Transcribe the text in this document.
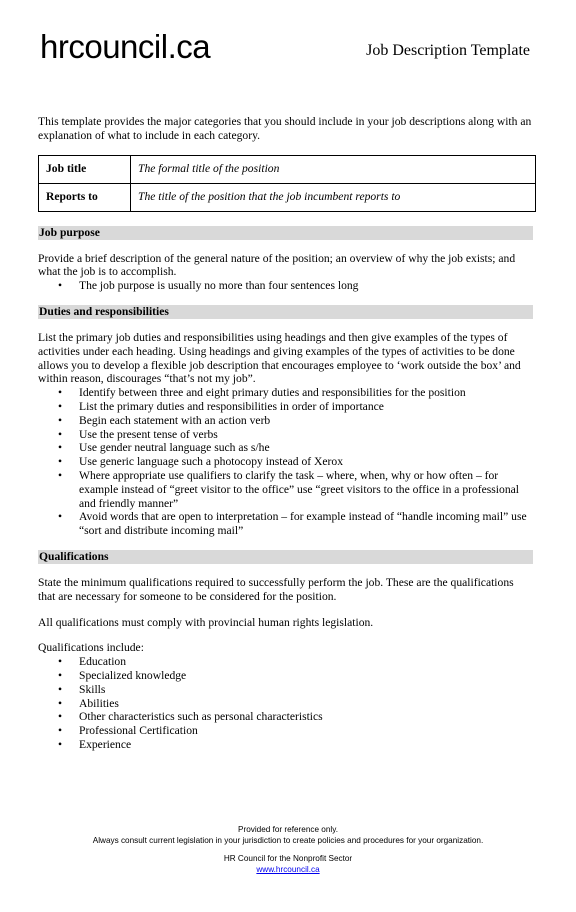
hrcouncil.ca	Job Description Template

This template provides the major categories that you should include in your job descriptions along with an explanation of what to include in each category.

Job title	The formal title of the position
Reports to	The title of the position that the job incumbent reports to
Job purpose

Provide a brief description of the general nature of the position; an overview of why the job exists; and what the job is to accomplish.

• The job purpose is usually no more than four sentences long
Duties and responsibilities

List the primary job duties and responsibilities using headings and then give examples of the types of activities under each heading. Using headings and giving examples of the types of activities to be done allows you to develop a flexible job description that encourages employee to ‘work outside the box’ and within reason, discourages “that’s not my job”.

• Identify between three and eight primary duties and responsibilities for the position
• List the primary duties and responsibilities in order of importance
• Begin each statement with an action verb
• Use the present tense of verbs
• Use gender neutral language such as s/he
• Use generic language such a photocopy instead of Xerox
• Where appropriate use qualifiers to clarify the task – where, when, why or how often – for example instead of “greet visitor to the office” use “greet visitors to the office in a professional and friendly manner”
• Avoid words that are open to interpretation – for example instead of “handle incoming mail” use “sort and distribute incoming mail”
Qualifications

State the minimum qualifications required to successfully perform the job. These are the qualifications that are necessary for someone to be considered for the position.

All qualifications must comply with provincial human rights legislation.

Qualifications include:

• Education
• Specialized knowledge
• Skills
• Abilities
• Other characteristics such as personal characteristics
• Professional Certification
• Experience
Provided for reference only.
Always consult current legislation in your jurisdiction to create policies and procedures for your organization.
HR Council for the Nonprofit Sector
www.hrcouncil.ca
